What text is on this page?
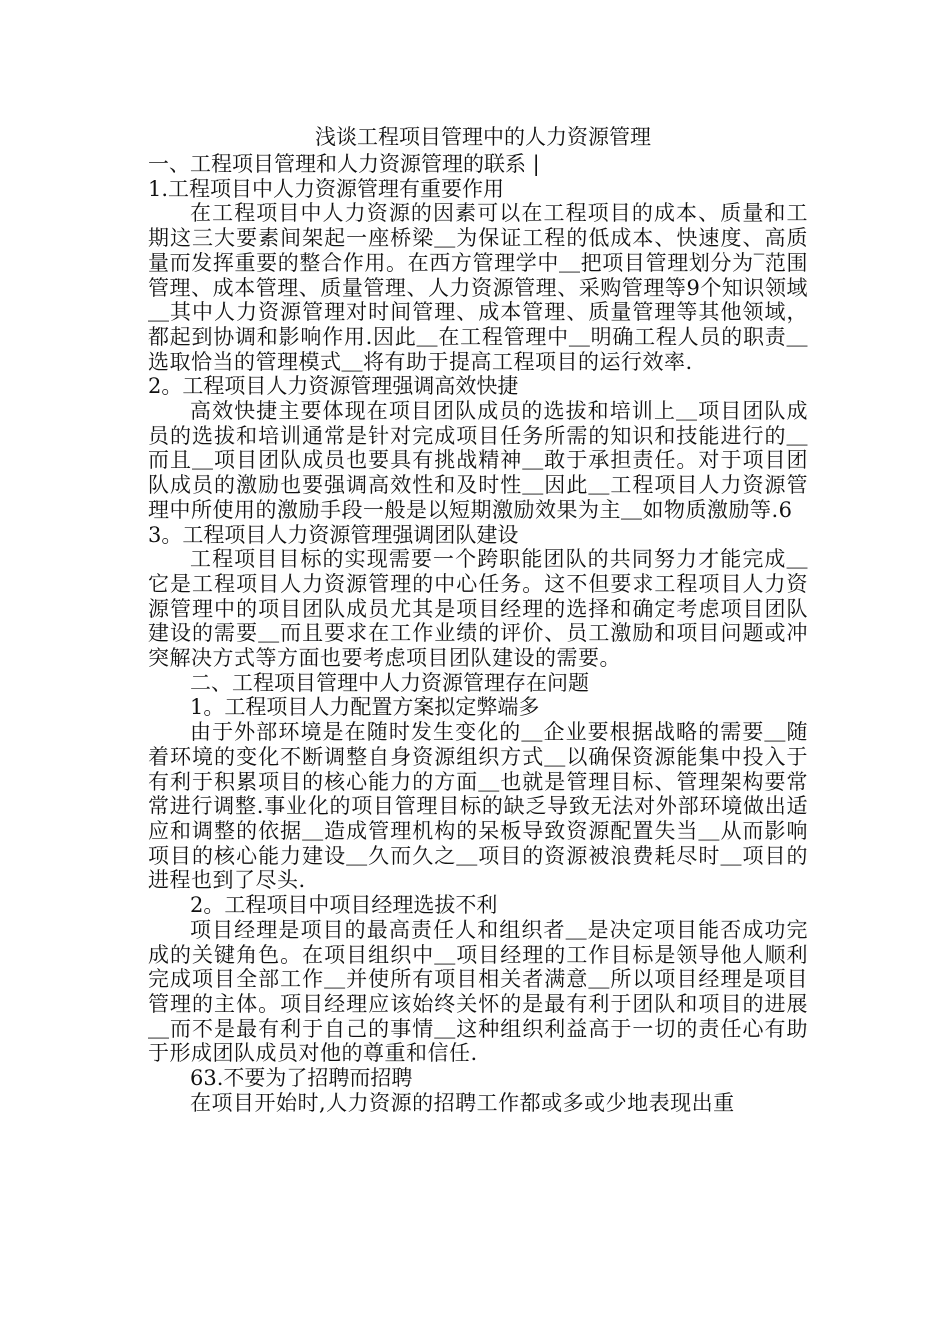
浅谈工程项目管理中的人力资源管理

一、工程项目管理和人力资源管理的联系 |

1.工程项目中人力资源管理有重要作用

在工程项目中人力资源的因素可以在工程项目的成本、质量和工期这三大要素间架起一座桥梁＿为保证工程的低成本、快速度、高质量而发挥重要的整合作用。在西方管理学中＿把项目管理划分为‾范围管理、成本管理、质量管理、人力资源管理、采购管理等9个知识领域＿其中人力资源管理对时间管理、成本管理、质量管理等其他领域，都起到协调和影响作用.因此＿在工程管理中＿明确工程人员的职责＿选取恰当的管理模式＿将有助于提高工程项目的运行效率.

2。工程项目人力资源管理强调高效快捷

高效快捷主要体现在项目团队成员的选拔和培训上＿项目团队成员的选拔和培训通常是针对完成项目任务所需的知识和技能进行的＿而且＿项目团队成员也要具有挑战精神＿敢于承担责任。对于项目团队成员的激励也要强调高效性和及时性＿因此＿工程项目人力资源管理中所使用的激励手段一般是以短期激励效果为主＿如物质激励等.6

3。工程项目人力资源管理强调团队建设

工程项目目标的实现需要一个跨职能团队的共同努力才能完成＿它是工程项目人力资源管理的中心任务。这不但要求工程项目人力资源管理中的项目团队成员尤其是项目经理的选择和确定考虑项目团队建设的需要＿而且要求在工作业绩的评价、员工激励和项目问题或冲突解决方式等方面也要考虑项目团队建设的需要。

二、工程项目管理中人力资源管理存在问题

1。工程项目人力配置方案拟定弊端多

由于外部环境是在随时发生变化的＿企业要根据战略的需要＿随着环境的变化不断调整自身资源组织方式＿以确保资源能集中投入于有利于积累项目的核心能力的方面＿也就是管理目标、管理架构要常常进行调整.事业化的项目管理目标的缺乏导致无法对外部环境做出适应和调整的依据＿造成管理机构的呆板导致资源配置失当＿从而影响项目的核心能力建设＿久而久之＿项目的资源被浪费耗尽时＿项目的进程也到了尽头.

2。工程项目中项目经理选拔不利

项目经理是项目的最高责任人和组织者＿是决定项目能否成功完成的关键角色。在项目组织中＿项目经理的工作目标是领导他人顺利完成项目全部工作＿并使所有项目相关者满意＿所以项目经理是项目管理的主体。项目经理应该始终关怀的是最有利于团队和项目的进展＿而不是最有利于自己的事情＿这种组织利益高于一切的责任心有助于形成团队成员对他的尊重和信任.

63.不要为了招聘而招聘

在项目开始时,人力资源的招聘工作都或多或少地表现出重
